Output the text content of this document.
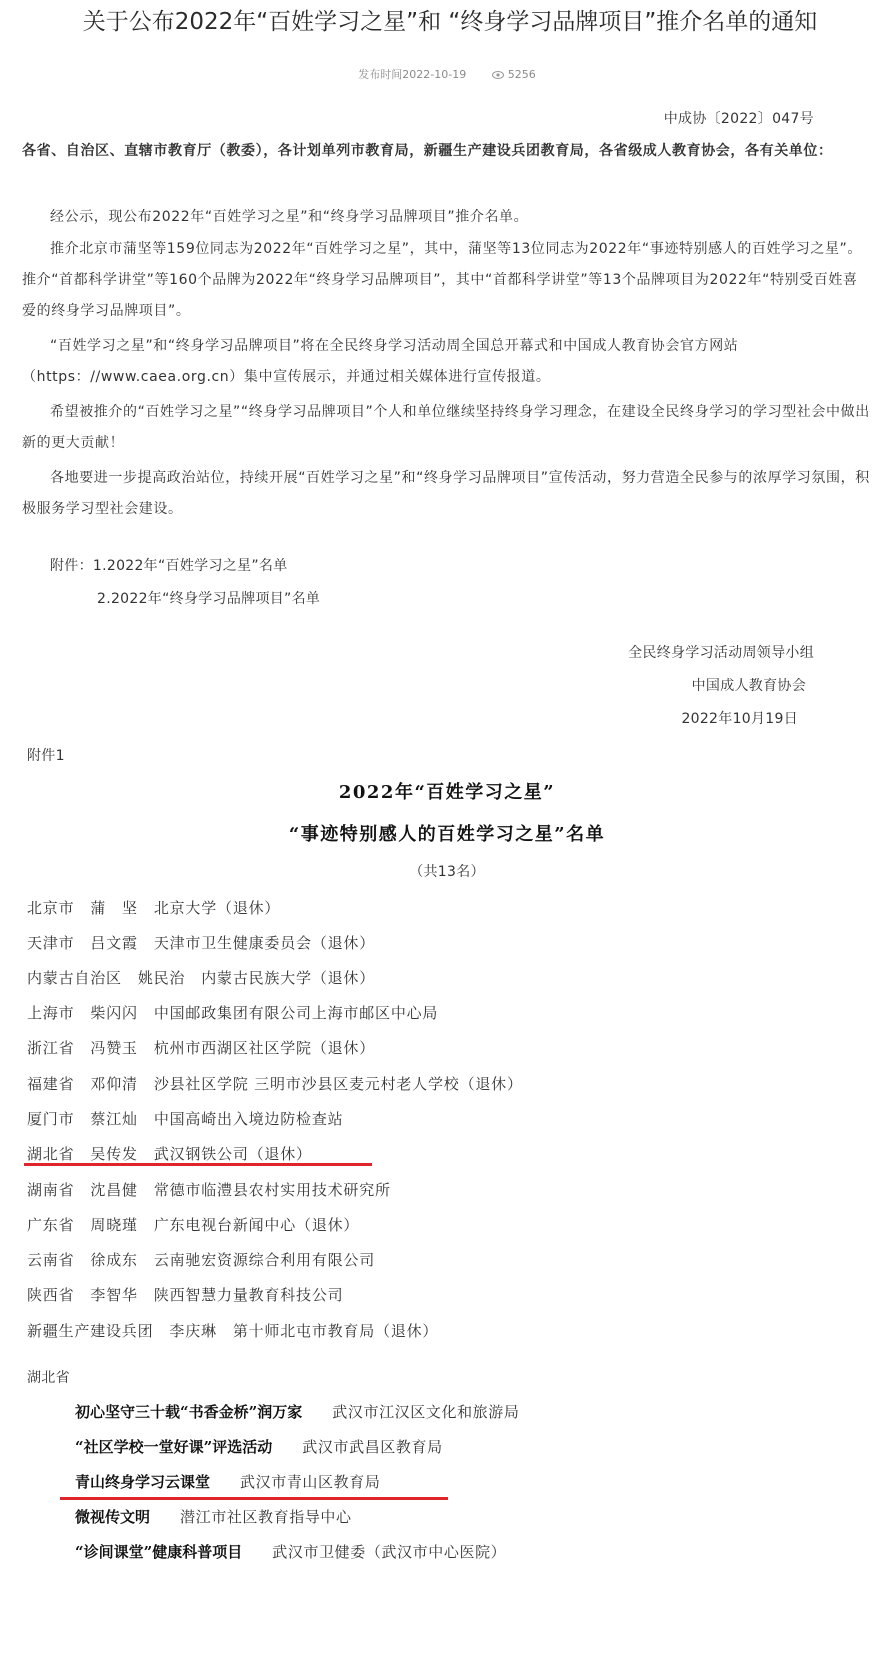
关于公布2022年“百姓学习之星”和 “终身学习品牌项目”推介名单的通知
发布时间2022-10-19	5256
中成协〔2022〕047号
各省、自治区、直辖市教育厅（教委），各计划单列市教育局，新疆生产建设兵团教育局，各省级成人教育协会，各有关单位：
经公示，现公布2022年“百姓学习之星”和“终身学习品牌项目”推介名单。
推介北京市蒲坚等159位同志为2022年“百姓学习之星”，其中，蒲坚等13位同志为2022年“事迹特别感人的百姓学习之星”。推介“首都科学讲堂”等160个品牌为2022年“终身学习品牌项目”，其中“首都科学讲堂”等13个品牌项目为2022年“特别受百姓喜爱的终身学习品牌项目”。
“百姓学习之星”和“终身学习品牌项目”将在全民终身学习活动周全国总开幕式和中国成人教育协会官方网站（https：//www.caea.org.cn）集中宣传展示，并通过相关媒体进行宣传报道。
希望被推介的“百姓学习之星”“终身学习品牌项目”个人和单位继续坚持终身学习理念，在建设全民终身学习的学习型社会中做出新的更大贡献！
各地要进一步提高政治站位，持续开展“百姓学习之星”和“终身学习品牌项目”宣传活动，努力营造全民参与的浓厚学习氛围，积极服务学习型社会建设。
附件：1.2022年“百姓学习之星”名单
2.2022年“终身学习品牌项目”名单
全民终身学习活动周领导小组
中国成人教育协会
2022年10月19日
附件1
2022年“百姓学习之星”
“事迹特别感人的百姓学习之星”名单
（共13名）
北京市 蒲　坚 北京大学（退休）
天津市 吕文霞 天津市卫生健康委员会（退休）
内蒙古自治区 姚民治 内蒙古民族大学（退休）
上海市 柴闪闪 中国邮政集团有限公司上海市邮区中心局
浙江省 冯赞玉 杭州市西湖区社区学院（退休）
福建省 邓仰清 沙县社区学院 三明市沙县区麦元村老人学校（退休）
厦门市 蔡江灿 中国高崎出入境边防检查站
湖北省 吴传发 武汉钢铁公司（退休）
湖南省 沈昌健 常德市临澧县农村实用技术研究所
广东省 周晓瑾 广东电视台新闻中心（退休）
云南省 徐成东 云南驰宏资源综合利用有限公司
陕西省 李智华 陕西智慧力量教育科技公司
新疆生产建设兵团 李庆琳 第十师北屯市教育局（退休）
湖北省
初心坚守三十载“书香金桥”润万家 武汉市江汉区文化和旅游局
“社区学校一堂好课”评选活动 武汉市武昌区教育局
青山终身学习云课堂 武汉市青山区教育局
微视传文明 潜江市社区教育指导中心
“诊间课堂”健康科普项目 武汉市卫健委（武汉市中心医院）
